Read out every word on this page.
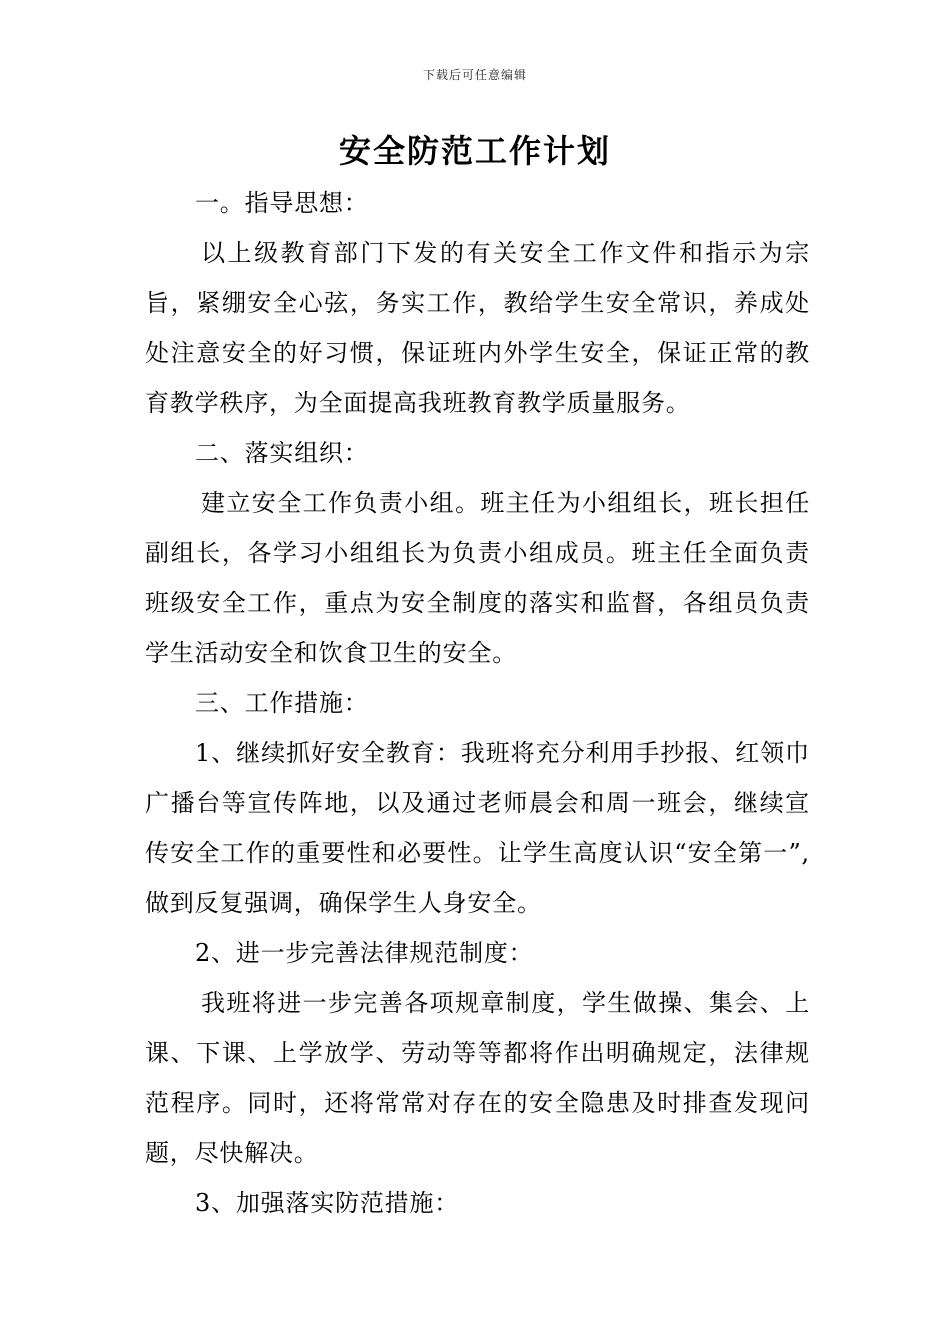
下载后可任意编辑
安全防范工作计划

一。指导思想：

以上级教育部门下发的有关安全工作文件和指示为宗旨，紧绷安全心弦，务实工作，教给学生安全常识，养成处处注意安全的好习惯，保证班内外学生安全，保证正常的教育教学秩序，为全面提高我班教育教学质量服务。

二、落实组织：

建立安全工作负责小组。班主任为小组组长，班长担任副组长，各学习小组组长为负责小组成员。班主任全面负责班级安全工作，重点为安全制度的落实和监督，各组员负责学生活动安全和饮食卫生的安全。

三、工作措施：

1、继续抓好安全教育：我班将充分利用手抄报、红领巾广播台等宣传阵地，以及通过老师晨会和周一班会，继续宣传安全工作的重要性和必要性。让学生高度认识“安全第一”,做到反复强调，确保学生人身安全。

2、进一步完善法律规范制度：

我班将进一步完善各项规章制度，学生做操、集会、上课、下课、上学放学、劳动等等都将作出明确规定，法律规范程序。同时，还将常常对存在的安全隐患及时排查发现问题，尽快解决。

3、加强落实防范措施：
